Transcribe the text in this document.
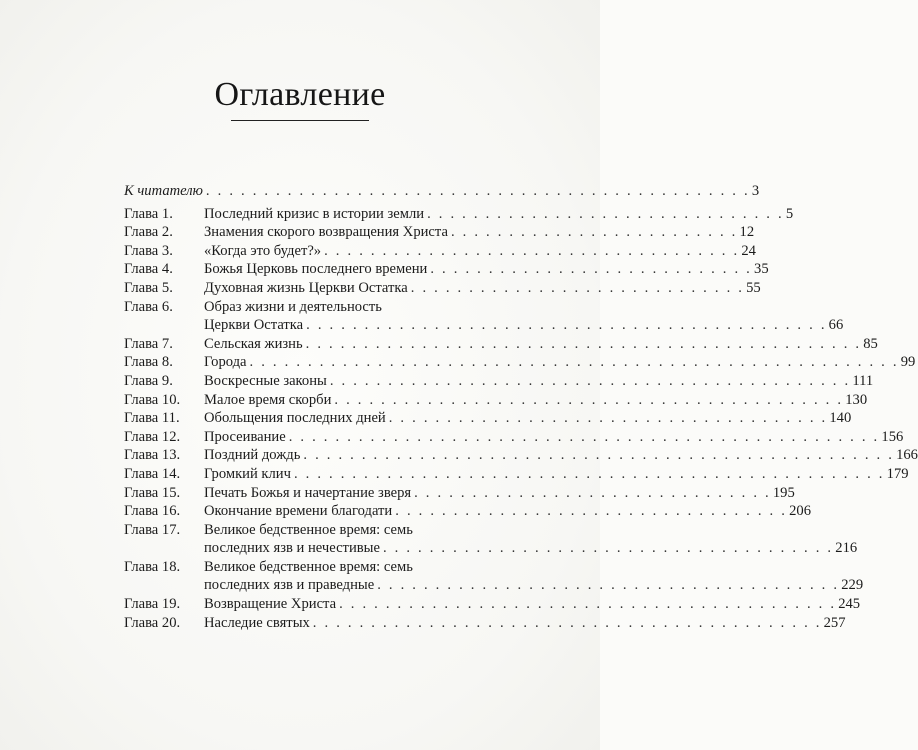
Оглавление
К читателю . . . . . . . . . . . . . . . . . . . . . . . . . . . . . . . . . . . . . . . . . . . . . . . 3
Глава 1. Последний кризис в истории земли . . . . . . . . . . . . . . . . . . . . . . . . . . . . . . . 5
Глава 2. Знамения скорого возвращения Христа . . . . . . . . . . . . . . . . . . . . . . . . . 12
Глава 3. «Когда это будет?» . . . . . . . . . . . . . . . . . . . . . . . . . . . . . . . . . . . . 24
Глава 4. Божья Церковь последнего времени . . . . . . . . . . . . . . . . . . . . . . . . . . . . 35
Глава 5. Духовная жизнь Церкви Остатка . . . . . . . . . . . . . . . . . . . . . . . . . . . . . 55
Глава 6. Образ жизни и деятельность
Церкви Остатка . . . . . . . . . . . . . . . . . . . . . . . . . . . . . . . . . . . . . . . . . . . . . 66
Глава 7. Сельская жизнь . . . . . . . . . . . . . . . . . . . . . . . . . . . . . . . . . . . . . . . . . . . . . . . . 85
Глава 8. Города . . . . . . . . . . . . . . . . . . . . . . . . . . . . . . . . . . . . . . . . . . . . . . . . . . . . . . . . 99
Глава 9. Воскресные законы . . . . . . . . . . . . . . . . . . . . . . . . . . . . . . . . . . . . . . . . . . . . . 111
Глава 10. Малое время скорби . . . . . . . . . . . . . . . . . . . . . . . . . . . . . . . . . . . . . . . . . . . . 130
Глава 11. Обольщения последних дней . . . . . . . . . . . . . . . . . . . . . . . . . . . . . . . . . . . . . . 140
Глава 12. Просеивание . . . . . . . . . . . . . . . . . . . . . . . . . . . . . . . . . . . . . . . . . . . . . . . . . . . 156
Глава 13. Поздний дождь . . . . . . . . . . . . . . . . . . . . . . . . . . . . . . . . . . . . . . . . . . . . . . . . . . . 166
Глава 14. Громкий клич . . . . . . . . . . . . . . . . . . . . . . . . . . . . . . . . . . . . . . . . . . . . . . . . . . . 179
Глава 15. Печать Божья и начертание зверя . . . . . . . . . . . . . . . . . . . . . . . . . . . . . . . 195
Глава 16. Окончание времени благодати . . . . . . . . . . . . . . . . . . . . . . . . . . . . . . . . . . 206
Глава 17. Великое бедственное время: семь
последних язв и нечестивые . . . . . . . . . . . . . . . . . . . . . . . . . . . . . . . . . . . . . . . 216
Глава 18. Великое бедственное время: семь
последних язв и праведные . . . . . . . . . . . . . . . . . . . . . . . . . . . . . . . . . . . . . . . . 229
Глава 19. Возвращение Христа . . . . . . . . . . . . . . . . . . . . . . . . . . . . . . . . . . . . . . . . . . . 245
Глава 20. Наследие святых . . . . . . . . . . . . . . . . . . . . . . . . . . . . . . . . . . . . . . . . . . . . 257
